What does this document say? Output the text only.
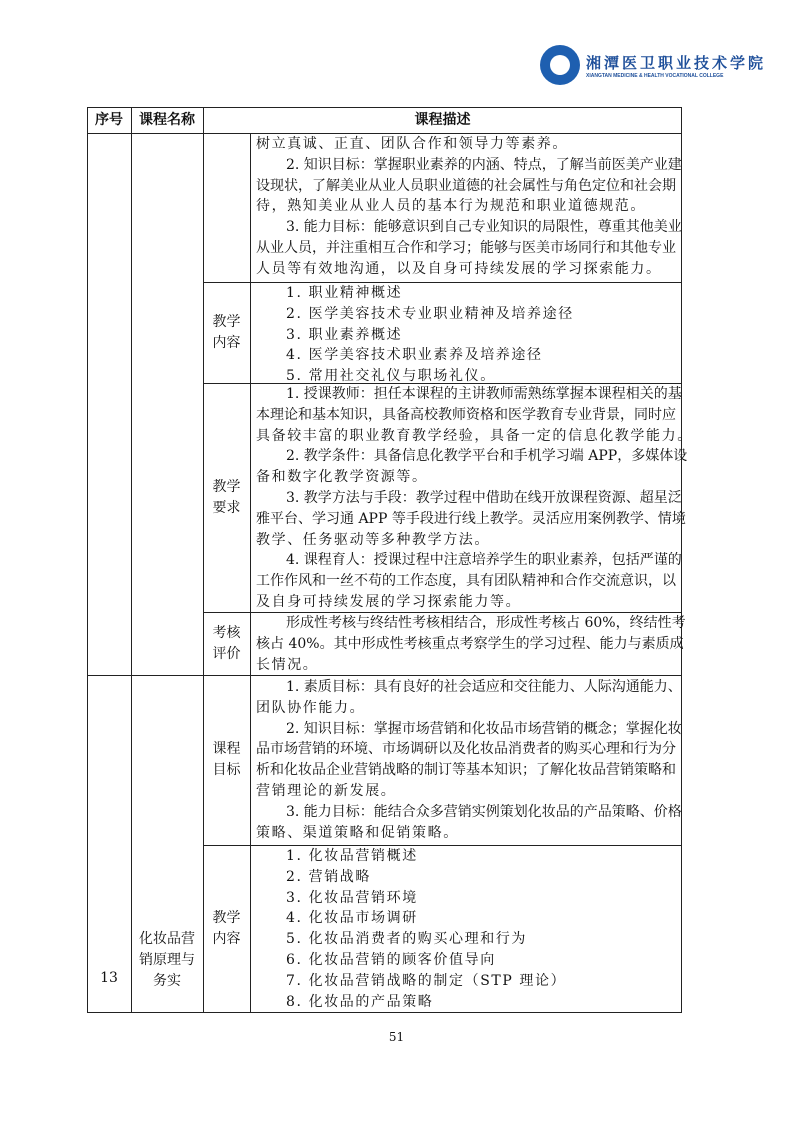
湘潭医卫职业技术学院
XIANGTAN MEDICINE & HEALTH VOCATIONAL COLLEGE
序号	课程名称	课程描述
教学内容
教学要求
考核评价
课程目标
教学内容
树立真诚、正直、团队合作和领导力等素养。
2. 知识目标：掌握职业素养的内涵、特点，了解当前医美产业建
设现状，了解美业从业人员职业道德的社会属性与角色定位和社会期
待，熟知美业从业人员的基本行为规范和职业道德规范。
3. 能力目标：能够意识到自己专业知识的局限性，尊重其他美业
从业人员，并注重相互合作和学习；能够与医美市场同行和其他专业
人员等有效地沟通，以及自身可持续发展的学习探索能力。
1. 职业精神概述
2. 医学美容技术专业职业精神及培养途径
3. 职业素养概述
4. 医学美容技术职业素养及培养途径
5. 常用社交礼仪与职场礼仪。
1. 授课教师：担任本课程的主讲教师需熟练掌握本课程相关的基
本理论和基本知识，具备高校教师资格和医学教育专业背景，同时应
具备较丰富的职业教育教学经验，具备一定的信息化教学能力。
2. 教学条件：具备信息化教学平台和手机学习端 APP，多媒体设
备和数字化教学资源等。
3. 教学方法与手段：教学过程中借助在线开放课程资源、超星泛
雅平台、学习通 APP 等手段进行线上教学。灵活应用案例教学、情境
教学、任务驱动等多种教学方法。
4. 课程育人：授课过程中注意培养学生的职业素养，包括严谨的
工作作风和一丝不苟的工作态度，具有团队精神和合作交流意识，以
及自身可持续发展的学习探索能力等。
形成性考核与终结性考核相结合，形成性考核占 60%，终结性考
核占 40%。其中形成性考核重点考察学生的学习过程、能力与素质成
长情况。
1. 素质目标：具有良好的社会适应和交往能力、人际沟通能力、
团队协作能力。
2. 知识目标：掌握市场营销和化妆品市场营销的概念；掌握化妆
品市场营销的环境、市场调研以及化妆品消费者的购买心理和行为分
析和化妆品企业营销战略的制订等基本知识；了解化妆品营销策略和
营销理论的新发展。
3. 能力目标：能结合众多营销实例策划化妆品的产品策略、价格
策略、渠道策略和促销策略。
1. 化妆品营销概述
2. 营销战略
3. 化妆品营销环境
4. 化妆品市场调研
5. 化妆品消费者的购买心理和行为
6. 化妆品营销的顾客价值导向
7. 化妆品营销战略的制定（STP 理论）
8. 化妆品的产品策略
13
化妆品营
销原理与
务实
51
